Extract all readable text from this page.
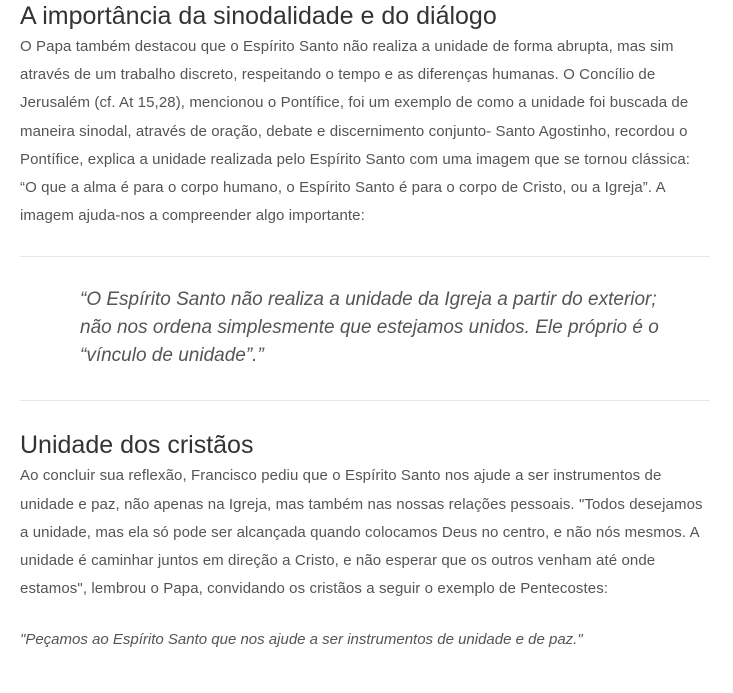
A importância da sinodalidade e do diálogo

O Papa também destacou que o Espírito Santo não realiza a unidade de forma abrupta, mas sim através de um trabalho discreto, respeitando o tempo e as diferenças humanas. O Concílio de Jerusalém (cf. At 15,28), mencionou o Pontífice, foi um exemplo de como a unidade foi buscada de maneira sinodal, através de oração, debate e discernimento conjunto- Santo Agostinho, recordou o Pontífice, explica a unidade realizada pelo Espírito Santo com uma imagem que se tornou clássica: “O que a alma é para o corpo humano, o Espírito Santo é para o corpo de Cristo, ou a Igreja”. A imagem ajuda-nos a compreender algo importante:

“O Espírito Santo não realiza a unidade da Igreja a partir do exterior; não nos ordena simplesmente que estejamos unidos. Ele próprio é o “vínculo de unidade”.”
Unidade dos cristãos

Ao concluir sua reflexão, Francisco pediu que o Espírito Santo nos ajude a ser instrumentos de unidade e paz, não apenas na Igreja, mas também nas nossas relações pessoais. "Todos desejamos a unidade, mas ela só pode ser alcançada quando colocamos Deus no centro, e não nós mesmos. A unidade é caminhar juntos em direção a Cristo, e não esperar que os outros venham até onde estamos", lembrou o Papa, convidando os cristãos a seguir o exemplo de Pentecostes:

"Peçamos ao Espírito Santo que nos ajude a ser instrumentos de unidade e de paz."
